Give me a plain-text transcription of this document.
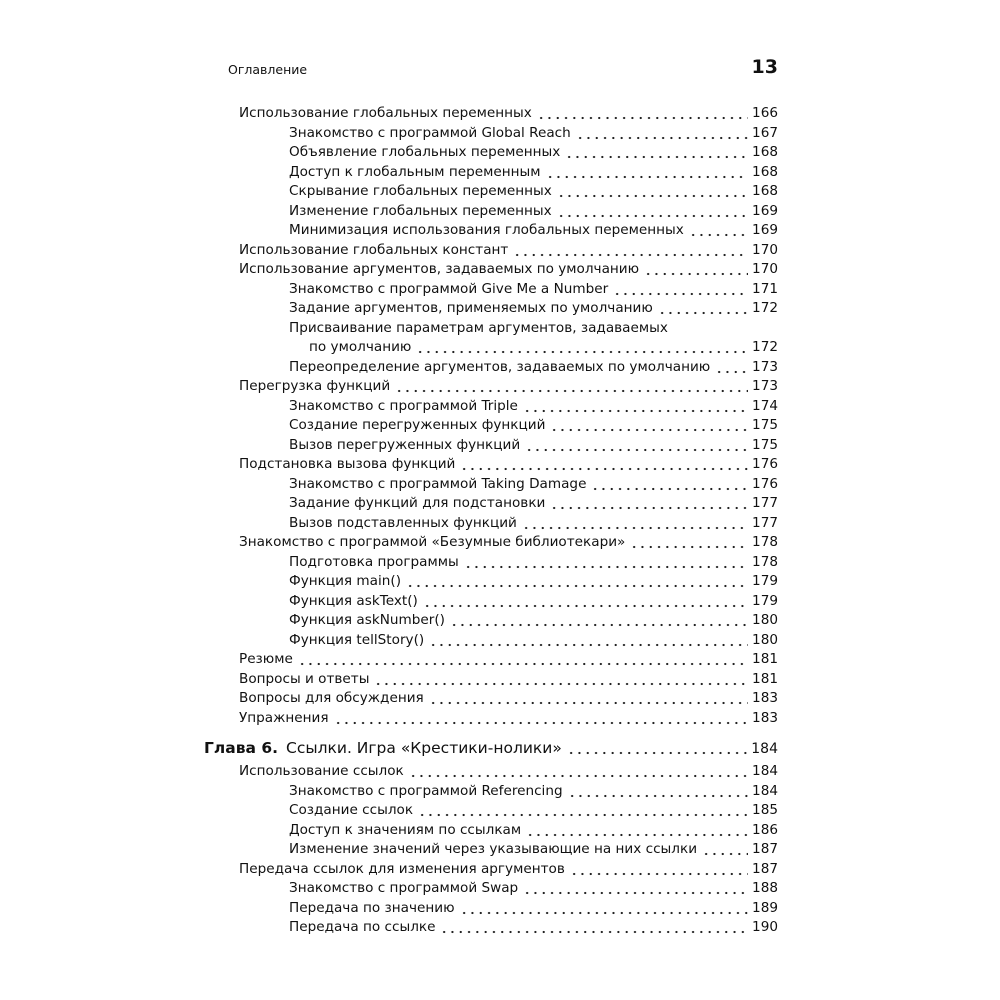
Оглавление	13
Использование глобальных переменных	166
Знакомство с программой Global Reach	167
Объявление глобальных переменных	168
Доступ к глобальным переменным	168
Скрывание глобальных переменных	168
Изменение глобальных переменных	169
Минимизация использования глобальных переменных	169
Использование глобальных констант	170
Использование аргументов, задаваемых по умолчанию	170
Знакомство с программой Give Me a Number	171
Задание аргументов, применяемых по умолчанию	172
Присваивание параметрам аргументов, задаваемых
по умолчанию	172
Переопределение аргументов, задаваемых по умолчанию	173
Перегрузка функций	173
Знакомство с программой Triple	174
Создание перегруженных функций	175
Вызов перегруженных функций	175
Подстановка вызова функций	176
Знакомство с программой Taking Damage	176
Задание функций для подстановки	177
Вызов подставленных функций	177
Знакомство с программой «Безумные библиотекари»	178
Подготовка программы	178
Функция main()	179
Функция askText()	179
Функция askNumber()	180
Функция tellStory()	180
Резюме	181
Вопросы и ответы	181
Вопросы для обсуждения	183
Упражнения	183
Глава 6. Ссылки. Игра «Крестики-нолики»	184
Использование ссылок	184
Знакомство с программой Referencing	184
Создание ссылок	185
Доступ к значениям по ссылкам	186
Изменение значений через указывающие на них ссылки	187
Передача ссылок для изменения аргументов	187
Знакомство с программой Swap	188
Передача по значению	189
Передача по ссылке	190
